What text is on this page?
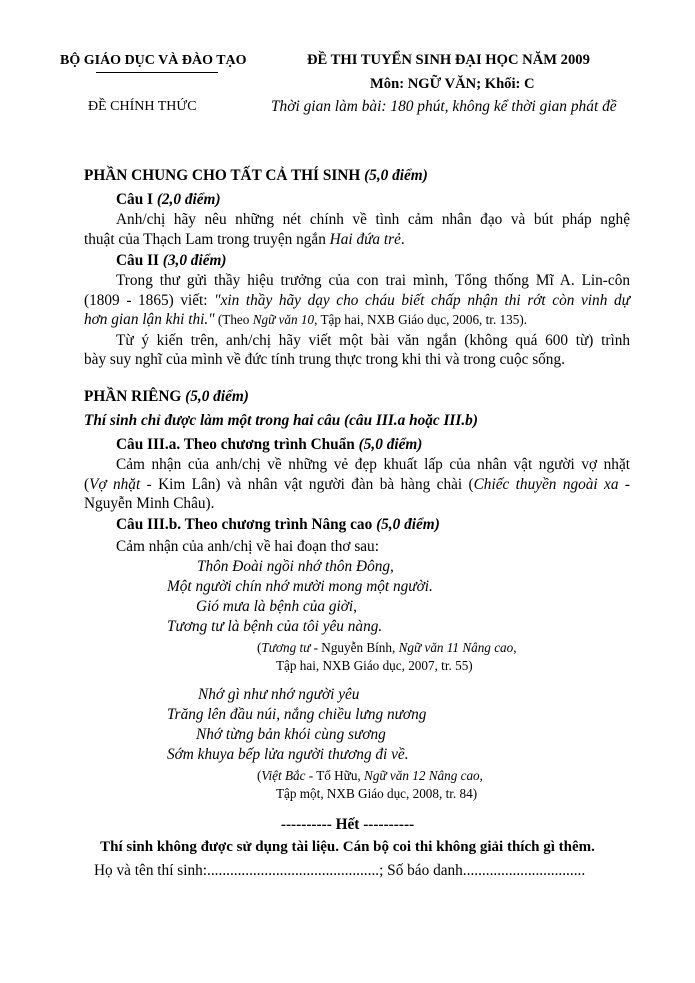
BỘ GIÁO DỤC VÀ ĐÀO TẠO
ĐỀ CHÍNH THỨC
ĐỀ THI TUYỂN SINH ĐẠI HỌC NĂM 2009
Môn: NGỮ VĂN; Khối: C
Thời gian làm bài: 180 phút, không kể thời gian phát đề
PHẦN CHUNG CHO TẤT CẢ THÍ SINH (5,0 điểm)
Câu I (2,0 điểm)
Anh/chị hãy nêu những nét chính về tình cảm nhân đạo và bút pháp nghệ
thuật của Thạch Lam trong truyện ngắn Hai đứa trẻ.
Câu II (3,0 điểm)
Trong thư gửi thầy hiệu trưởng của con trai mình, Tổng thống Mĩ A. Lin-côn
(1809 - 1865) viết: "xin thầy hãy dạy cho cháu biết chấp nhận thi rớt còn vinh dự
hơn gian lận khi thi." (Theo Ngữ văn 10, Tập hai, NXB Giáo dục, 2006, tr. 135).
Từ ý kiến trên, anh/chị hãy viết một bài văn ngắn (không quá 600 từ) trình
bày suy nghĩ của mình về đức tính trung thực trong khi thi và trong cuộc sống.
PHẦN RIÊNG (5,0 điểm)
Thí sinh chỉ được làm một trong hai câu (câu III.a hoặc III.b)
Câu III.a. Theo chương trình Chuẩn (5,0 điểm)
Cảm nhận của anh/chị về những vẻ đẹp khuất lấp của nhân vật người vợ nhặt
(Vợ nhặt - Kim Lân) và nhân vật người đàn bà hàng chài (Chiếc thuyền ngoài xa -
Nguyễn Minh Châu).
Câu III.b. Theo chương trình Nâng cao (5,0 điểm)
Cảm nhận của anh/chị về hai đoạn thơ sau:
Thôn Đoài ngồi nhớ thôn Đông,
Một người chín nhớ mười mong một người.
Gió mưa là bệnh của giời,
Tương tư là bệnh của tôi yêu nàng.
(Tương tư - Nguyễn Bính, Ngữ văn 11 Nâng cao,
Tập hai, NXB Giáo dục, 2007, tr. 55)
Nhớ gì như nhớ người yêu
Trăng lên đầu núi, nắng chiều lưng nương
Nhớ từng bản khói cùng sương
Sớm khuya bếp lửa người thương đi về.
(Việt Bắc - Tố Hữu, Ngữ văn 12 Nâng cao,
Tập một, NXB Giáo dục, 2008, tr. 84)
---------- Hết ----------
Thí sinh không được sử dụng tài liệu. Cán bộ coi thi không giải thích gì thêm.
Họ và tên thí sinh:.............................................; Số báo danh................................
